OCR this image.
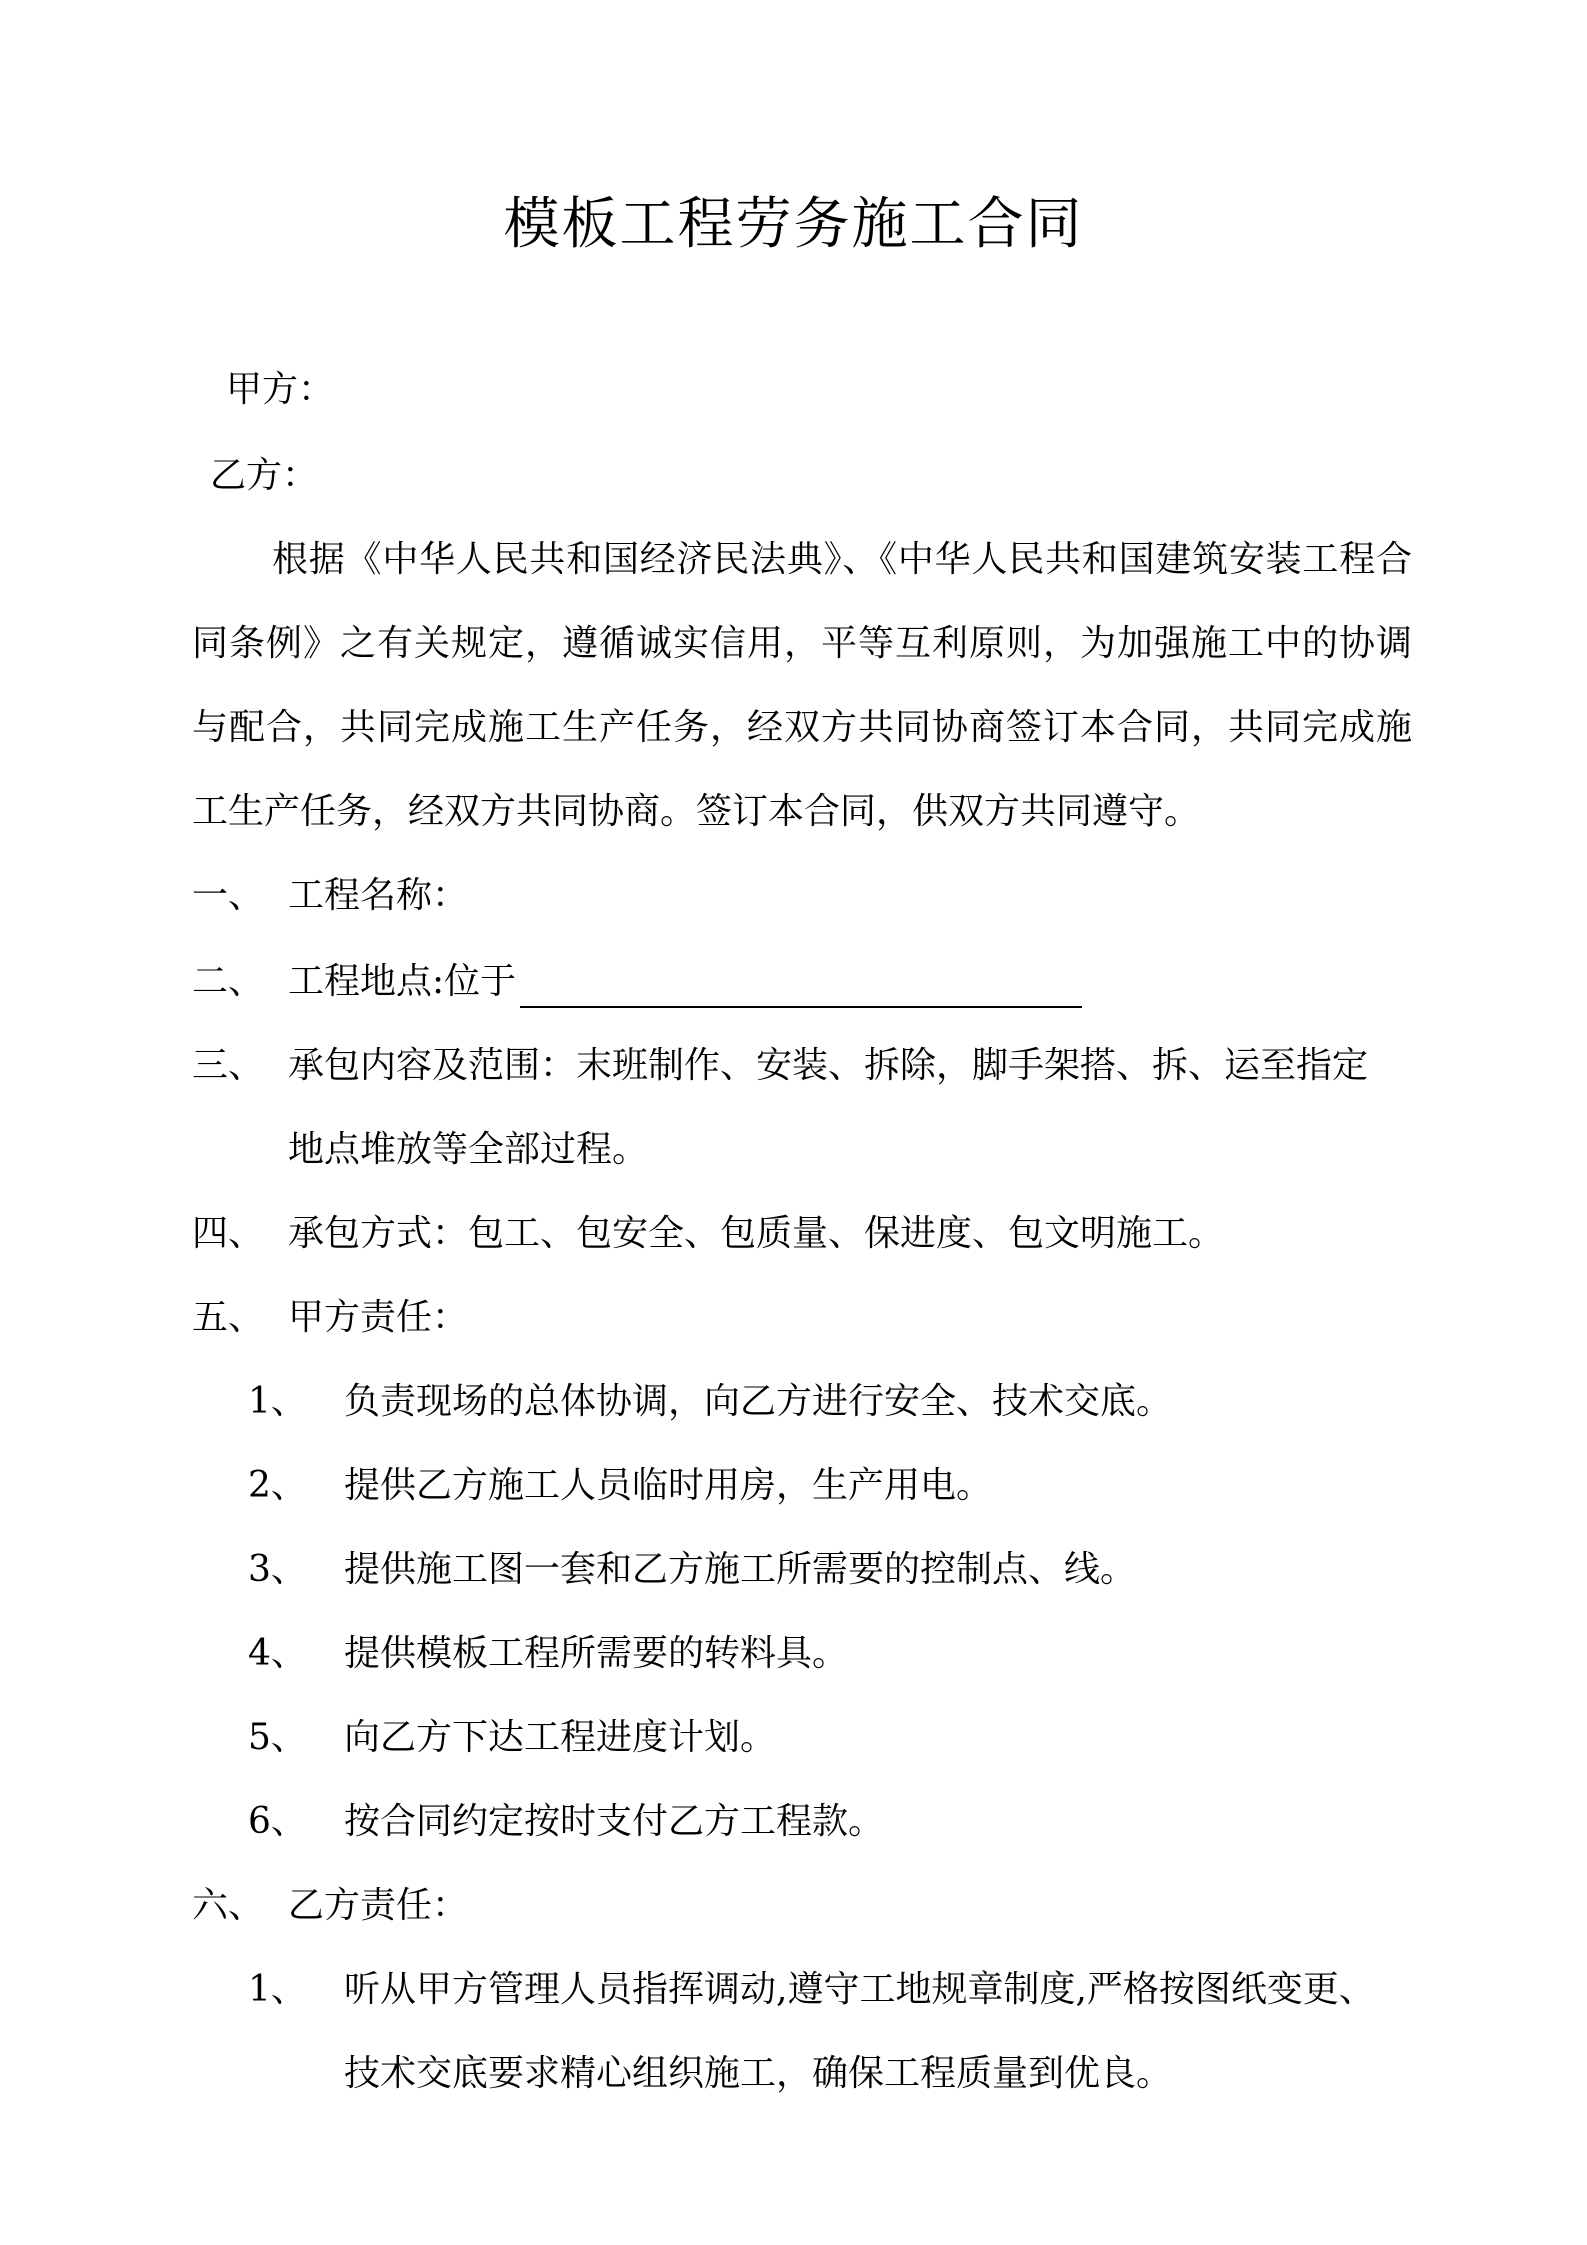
模板工程劳务施工合同
甲方：
乙方：
根据《中华人民共和国经济民法典》、《中华人民共和国建筑安装工程合同条例》之有关规定，遵循诚实信用，平等互利原则，为加强施工中的协调与配合，共同完成施工生产任务，经双方共同协商签订本合同，共同完成施工生产任务，经双方共同协商。签订本合同，供双方共同遵守。
一、 工程名称：
二、 工程地点:位于
三、 承包内容及范围：末班制作、安装、拆除，脚手架搭、拆、运至指定
地点堆放等全部过程。
四、 承包方式：包工、包安全、包质量、保进度、包文明施工。
五、 甲方责任：
1、 负责现场的总体协调，向乙方进行安全、技术交底。
2、 提供乙方施工人员临时用房，生产用电。
3、 提供施工图一套和乙方施工所需要的控制点、线。
4、 提供模板工程所需要的转料具。
5、 向乙方下达工程进度计划。
6、 按合同约定按时支付乙方工程款。
六、 乙方责任：
1、 听从甲方管理人员指挥调动,遵守工地规章制度,严格按图纸变更、
技术交底要求精心组织施工，确保工程质量到优良。
